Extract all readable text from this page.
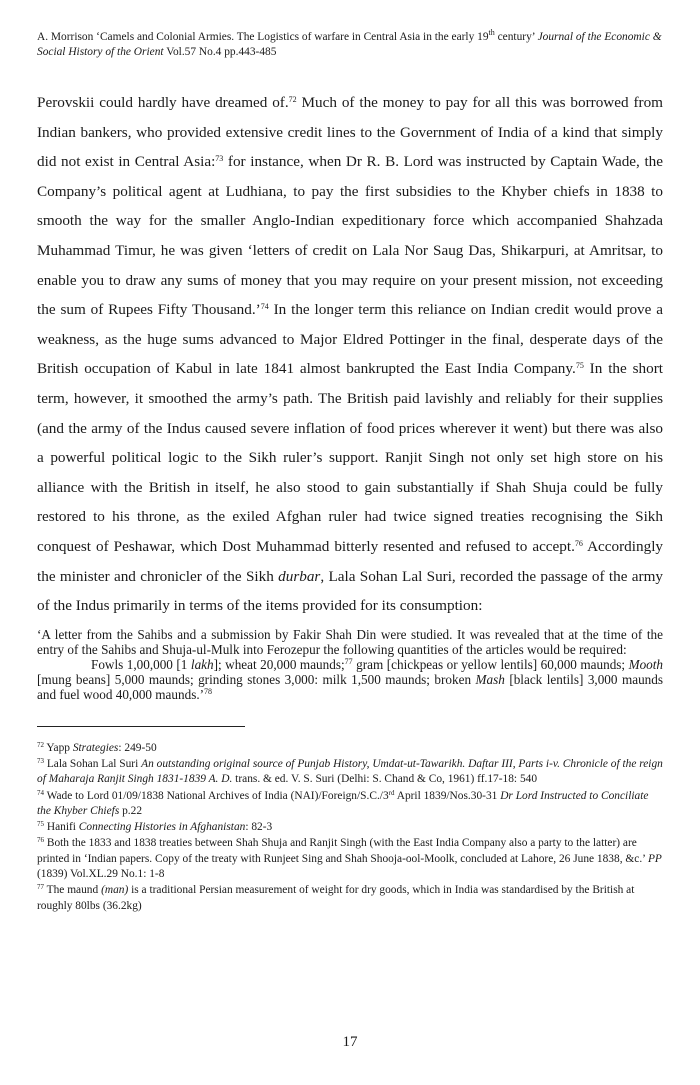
A. Morrison ‘Camels and Colonial Armies. The Logistics of warfare in Central Asia in the early 19th century’ Journal of the Economic & Social History of the Orient Vol.57 No.4 pp.443-485

Perovskii could hardly have dreamed of.$^{72}$ Much of the money to pay for all this was borrowed from Indian bankers, who provided extensive credit lines to the Government of India of a kind that simply did not exist in Central Asia:$^{73}$ for instance, when Dr R. B. Lord was instructed by Captain Wade, the Company’s political agent at Ludhiana, to pay the first subsidies to the Khyber chiefs in 1838 to smooth the way for the smaller Anglo-Indian expeditionary force which accompanied Shahzada Muhammad Timur, he was given ‘letters of credit on Lala Nor Saug Das, Shikarpuri, at Amritsar, to enable you to draw any sums of money that you may require on your present mission, not exceeding the sum of Rupees Fifty Thousand.’$^{74}$ In the longer term this reliance on Indian credit would prove a weakness, as the huge sums advanced to Major Eldred Pottinger in the final, desperate days of the British occupation of Kabul in late 1841 almost bankrupted the East India Company.$^{75}$ In the short term, however, it smoothed the army’s path. The British paid lavishly and reliably for their supplies (and the army of the Indus caused severe inflation of food prices wherever it went) but there was also a powerful political logic to the Sikh ruler’s support. Ranjit Singh not only set high store on his alliance with the British in itself, he also stood to gain substantially if Shah Shuja could be fully restored to his throne, as the exiled Afghan ruler had twice signed treaties recognising the Sikh conquest of Peshawar, which Dost Muhammad bitterly resented and refused to accept.$^{76}$ Accordingly the minister and chronicler of the Sikh durbar, Lala Sohan Lal Suri, recorded the passage of the army of the Indus primarily in terms of the items provided for its consumption:

‘A letter from the Sahibs and a submission by Fakir Shah Din were studied. It was revealed that at the time of the entry of the Sahibs and Shuja-ul-Mulk into Ferozepur the following quantities of the articles would be required:
Fowls 1,00,000 [1 lakh]; wheat 20,000 maunds;$^{77}$ gram [chickpeas or yellow lentils] 60,000 maunds; Mooth [mung beans] 5,000 maunds; grinding stones 3,000: milk 1,500 maunds; broken Mash [black lentils] 3,000 maunds and fuel wood 40,000 maunds.’$^{78}$

$^{72}$ Yapp Strategies: 249-50

$^{73}$ Lala Sohan Lal Suri An outstanding original source of Punjab History, Umdat-ut-Tawarikh. Daftar III, Parts i-v. Chronicle of the reign of Maharaja Ranjit Singh 1831-1839 A. D. trans. & ed. V. S. Suri (Delhi: S. Chand & Co, 1961) ff.17-18: 540

$^{74}$ Wade to Lord 01/09/1838 National Archives of India (NAI)/Foreign/S.C./3rd April 1839/Nos.30-31 Dr Lord Instructed to Conciliate the Khyber Chiefs p.22

$^{75}$ Hanifi Connecting Histories in Afghanistan: 82-3

$^{76}$ Both the 1833 and 1838 treaties between Shah Shuja and Ranjit Singh (with the East India Company also a party to the latter) are printed in ‘Indian papers. Copy of the treaty with Runjeet Sing and Shah Shooja-ool-Moolk, concluded at Lahore, 26 June 1838, &c.’ PP (1839) Vol.XL.29 No.1: 1-8

$^{77}$ The maund (man) is a traditional Persian measurement of weight for dry goods, which in India was standardised by the British at roughly 80lbs (36.2kg)

17
